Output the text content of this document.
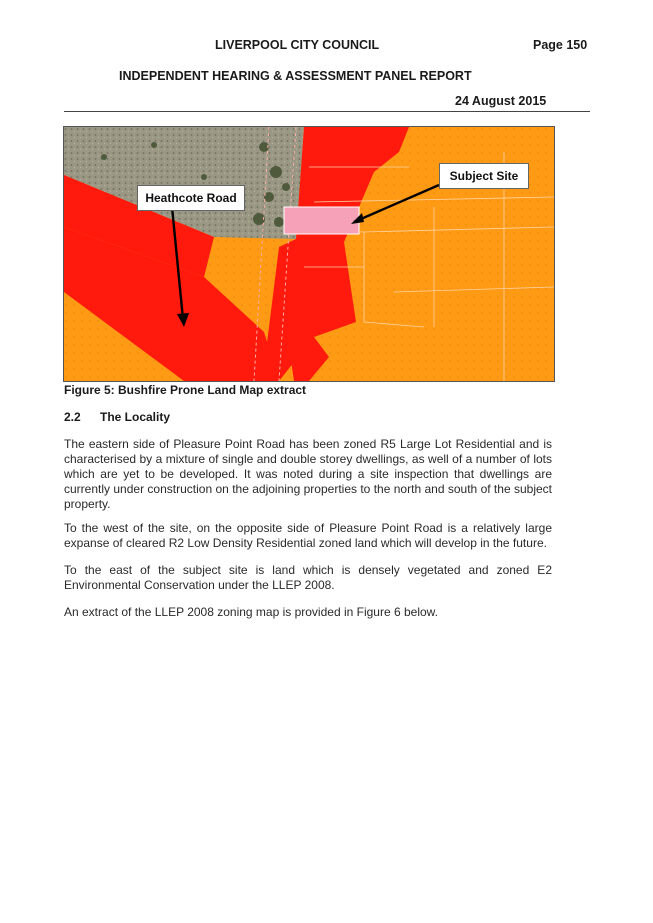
LIVERPOOL CITY COUNCIL	Page 150
INDEPENDENT HEARING & ASSESSMENT PANEL REPORT
24 August 2015
Subject Site
Heathcote Road
Figure 5: Bushfire Prone Land Map extract
2.2 The Locality
The eastern side of Pleasure Point Road has been zoned R5 Large Lot Residential and is characterised by a mixture of single and double storey dwellings, as well of a number of lots which are yet to be developed. It was noted during a site inspection that dwellings are currently under construction on the adjoining properties to the north and south of the subject property.
To the west of the site, on the opposite side of Pleasure Point Road is a relatively large expanse of cleared R2 Low Density Residential zoned land which will develop in the future.
To the east of the subject site is land which is densely vegetated and zoned E2 Environmental Conservation under the LLEP 2008.
An extract of the LLEP 2008 zoning map is provided in Figure 6 below.
